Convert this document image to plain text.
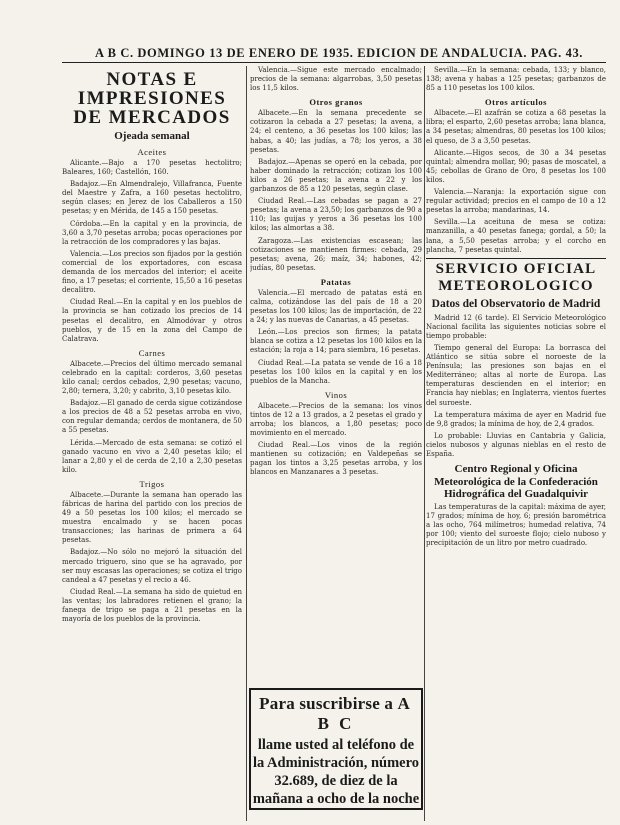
A B C. DOMINGO 13 DE ENERO DE 1935. EDICION DE ANDALUCIA. PAG. 43.
NOTAS E IMPRESIONES DE MERCADOS
Ojeada semanal
Aceites

Alicante.—Bajo a 170 pesetas hectolitro; Baleares, 160; Castellón, 160.

Badajoz.—En Almendralejo, Villafranca, Fuente del Maestre y Zafra, a 160 pesetas hectolitro, según clases; en Jerez de los Caballeros a 150 pesetas; y en Mérida, de 145 a 150 pesetas.

Córdoba.—En la capital y en la provincia, de 3,60 a 3,70 pesetas arroba; pocas operaciones por la retracción de los compradores y las bajas.

Valencia.—Los precios son fijados por la gestión comercial de los exportadores, con escasa demanda de los mercados del interior; el aceite fino, a 17 pesetas; el corriente, 15,50 a 16 pesetas decalitro.

Ciudad Real.—En la capital y en los pueblos de la provincia se han cotizado los precios de 14 pesetas el decalitro, en Almodóvar y otros pueblos, y de 15 en la zona del Campo de Calatrava.

Carnes

Albacete.—Precios del último mercado semanal celebrado en la capital: corderos, 3,60 pesetas kilo canal; cerdos cebados, 2,90 pesetas; vacuno, 2,80; ternera, 3,20; y cabrito, 3,10 pesetas kilo.

Badajoz.—El ganado de cerda sigue cotizándose a los precios de 48 a 52 pesetas arroba en vivo, con regular demanda; cerdos de montanera, de 50 a 55 pesetas.

Lérida.—Mercado de esta semana: se cotizó el ganado vacuno en vivo a 2,40 pesetas kilo; el lanar a 2,80 y el de cerda de 2,10 a 2,30 pesetas kilo.

Trigos

Albacete.—Durante la semana han operado las fábricas de harina del partido con los precios de 49 a 50 pesetas los 100 kilos; el mercado se muestra encalmado y se hacen pocas transacciones; las harinas de primera a 64 pesetas.

Badajoz.—No sólo no mejoró la situación del mercado triguero, sino que se ha agravado, por ser muy escasas las operaciones; se cotiza el trigo candeal a 47 pesetas y el recio a 46.

Ciudad Real.—La semana ha sido de quietud en las ventas; los labradores retienen el grano; la fanega de trigo se paga a 21 pesetas en la mayoría de los pueblos de la provincia.

Valencia.—Sigue este mercado encalmado; precios de la semana: algarrobas, 3,50 pesetas los 11,5 kilos.

Otros granos

Albacete.—En la semana precedente se cotizaron la cebada a 27 pesetas; la avena, a 24; el centeno, a 36 pesetas los 100 kilos; las habas, a 40; las judías, a 78; los yeros, a 38 pesetas.

Badajoz.—Apenas se operó en la cebada, por haber dominado la retracción; cotizan los 100 kilos a 26 pesetas; la avena a 22 y los garbanzos de 85 a 120 pesetas, según clase.

Ciudad Real.—Las cebadas se pagan a 27 pesetas; la avena a 23,50; los garbanzos de 90 a 110; las guijas y yeros a 36 pesetas los 100 kilos; las almortas a 38.

Zaragoza.—Las existencias escasean; las cotizaciones se mantienen firmes: cebada, 29 pesetas; avena, 26; maíz, 34; habones, 42; judías, 80 pesetas.

Patatas

Valencia.—El mercado de patatas está en calma, cotizándose las del país de 18 a 20 pesetas los 100 kilos; las de importación, de 22 a 24; y las nuevas de Canarias, a 45 pesetas.

León.—Los precios son firmes; la patata blanca se cotiza a 12 pesetas los 100 kilos en la estación; la roja a 14; para siembra, 16 pesetas.

Ciudad Real.—La patata se vende de 16 a 18 pesetas los 100 kilos en la capital y en los pueblos de la Mancha.

Vinos

Albacete.—Precios de la semana: los vinos tintos de 12 a 13 grados, a 2 pesetas el grado y arroba; los blancos, a 1,80 pesetas; poco movimiento en el mercado.

Ciudad Real.—Los vinos de la región mantienen su cotización; en Valdepeñas se pagan los tintos a 3,25 pesetas arroba, y los blancos en Manzanares a 3 pesetas.

Para suscribirse a A B C
llame usted al teléfono de la Administración, número 32.689, de diez de la mañana a ocho de la noche

Sevilla.—En la semana: cebada, 133; y blanco, 138; avena y habas a 125 pesetas; garbanzos de 85 a 110 pesetas los 100 kilos.

Otros artículos

Albacete.—El azafrán se cotiza a 68 pesetas la libra; el esparto, 2,60 pesetas arroba; lana blanca, a 34 pesetas; almendras, 80 pesetas los 100 kilos; el queso, de 3 a 3,50 pesetas.

Alicante.—Higos secos, de 30 a 34 pesetas quintal; almendra mollar, 90; pasas de moscatel, a 45; cebollas de Grano de Oro, 8 pesetas los 100 kilos.

Valencia.—Naranja: la exportación sigue con regular actividad; precios en el campo de 10 a 12 pesetas la arroba; mandarinas, 14.

Sevilla.—La aceituna de mesa se cotiza: manzanilla, a 40 pesetas fanega; gordal, a 50; la lana, a 5,50 pesetas arroba; y el corcho en plancha, 7 pesetas quintal.

SERVICIO OFICIAL METEOROLOGICO
Datos del Observatorio de Madrid

Madrid 12 (6 tarde). El Servicio Meteorológico Nacional facilita las siguientes noticias sobre el tiempo probable:

Tiempo general del Europa: La borrasca del Atlántico se sitúa sobre el noroeste de la Península; las presiones son bajas en el Mediterráneo; altas al norte de Europa. Las temperaturas descienden en el interior; en Francia hay nieblas; en Inglaterra, vientos fuertes del suroeste.

La temperatura máxima de ayer en Madrid fue de 9,8 grados; la mínima de hoy, de 2,4 grados.

Lo probable: Lluvias en Cantabria y Galicia, cielos nubosos y algunas nieblas en el resto de España.

Centro Regional y Oficina Meteorológica de la Confederación Hidrográfica del Guadalquivir

Las temperaturas de la capital: máxima de ayer, 17 grados; mínima de hoy, 6; presión barométrica a las ocho, 764 milímetros; humedad relativa, 74 por 100; viento del suroeste flojo; cielo nuboso y precipitación de un litro por metro cuadrado.
